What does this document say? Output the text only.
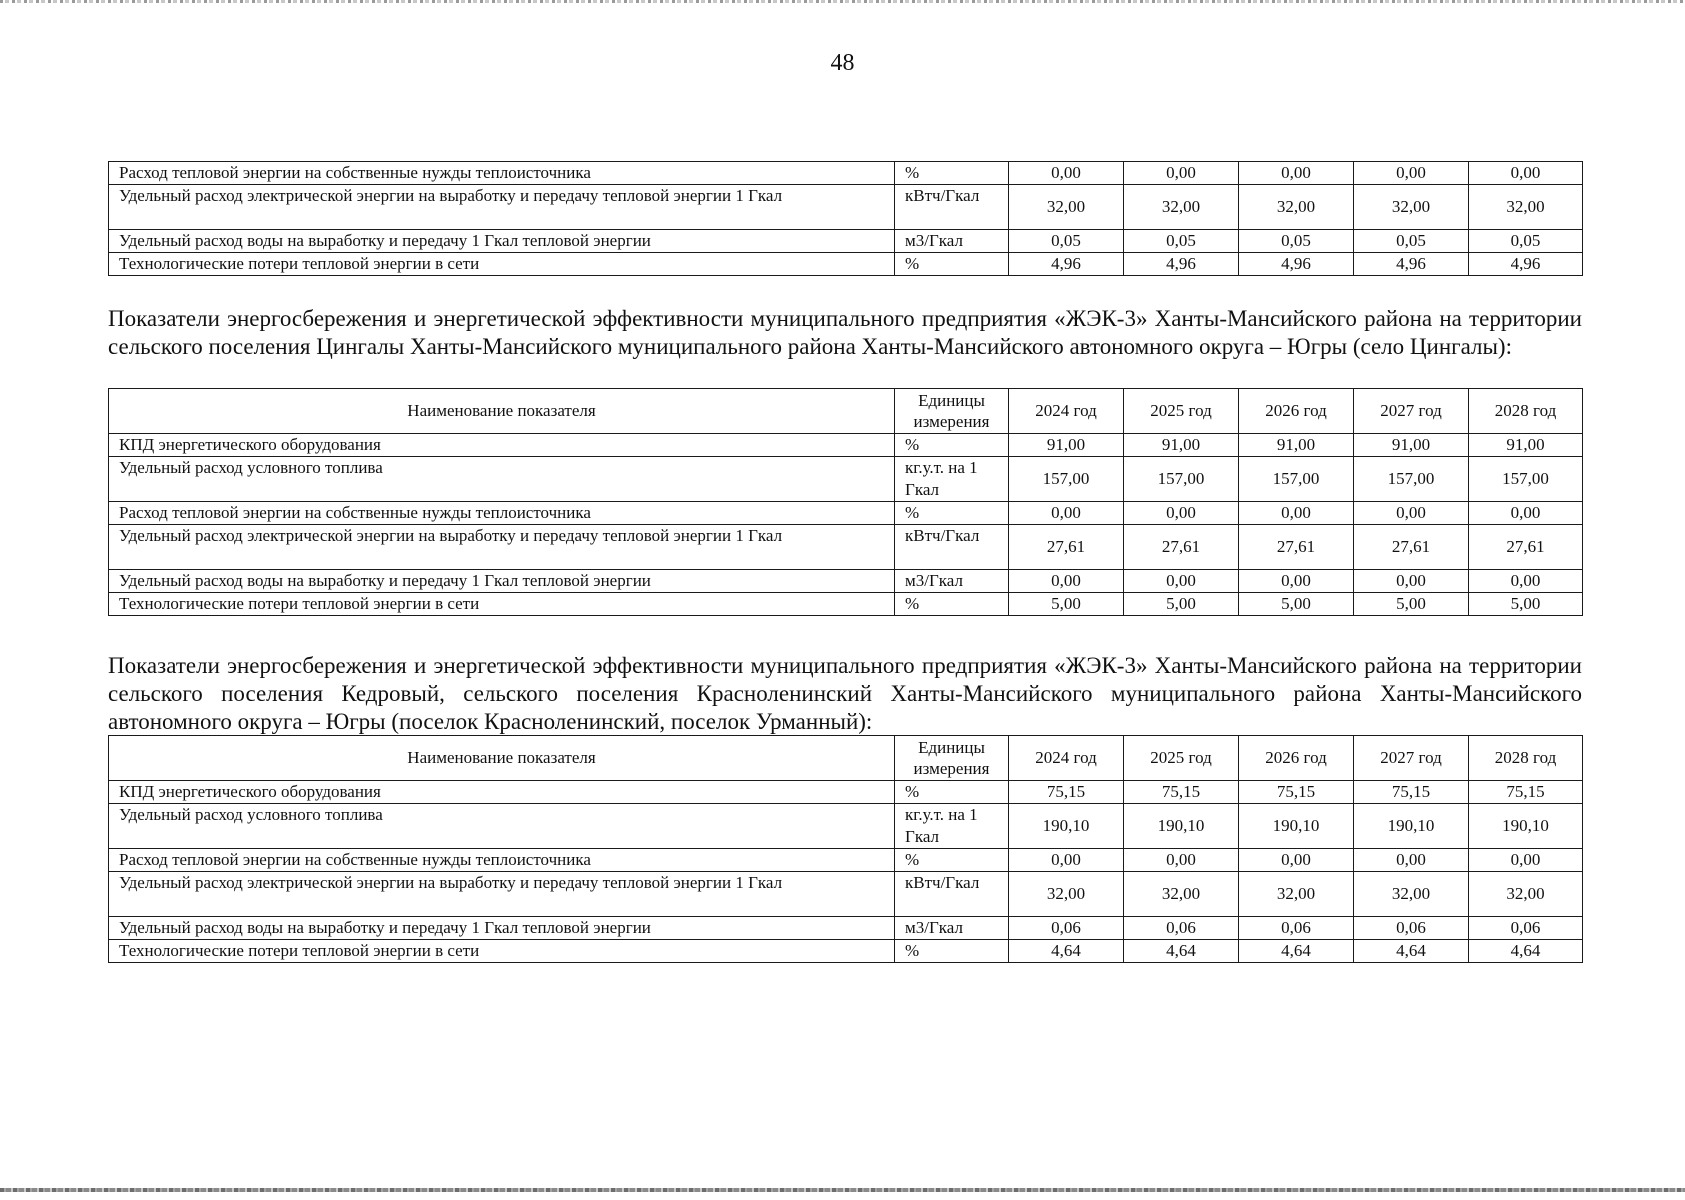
48
Расход тепловой энергии на собственные нужды теплоисточника	%	0,00	0,00	0,00	0,00	0,00
Удельный расход электрической энергии на выработку и передачу тепловой энергии 1 Гкал	кВтч/Гкал	32,00	32,00	32,00	32,00	32,00
Удельный расход воды на выработку и передачу 1 Гкал тепловой энергии	м3/Гкал	0,05	0,05	0,05	0,05	0,05
Технологические потери тепловой энергии в сети	%	4,96	4,96	4,96	4,96	4,96
Показатели энергосбережения и энергетической эффективности муниципального предприятия «ЖЭК-3» Ханты-Мансийского района на территории сельского поселения Цингалы Ханты-Мансийского муниципального района Ханты-Мансийского автономного округа – Югры (село Цингалы):
Наименование показателя	Единицы измерения	2024 год	2025 год	2026 год	2027 год	2028 год
КПД энергетического оборудования	%	91,00	91,00	91,00	91,00	91,00
Удельный расход условного топлива	кг.у.т. на 1 Гкал	157,00	157,00	157,00	157,00	157,00
Расход тепловой энергии на собственные нужды теплоисточника	%	0,00	0,00	0,00	0,00	0,00
Удельный расход электрической энергии на выработку и передачу тепловой энергии 1 Гкал	кВтч/Гкал	27,61	27,61	27,61	27,61	27,61
Удельный расход воды на выработку и передачу 1 Гкал тепловой энергии	м3/Гкал	0,00	0,00	0,00	0,00	0,00
Технологические потери тепловой энергии в сети	%	5,00	5,00	5,00	5,00	5,00
Показатели энергосбережения и энергетической эффективности муниципального предприятия «ЖЭК-3» Ханты-Мансийского района на территории сельского поселения Кедровый, сельского поселения Красноленинский Ханты-Мансийского муниципального района Ханты-Мансийского автономного округа – Югры (поселок Красноленинский, поселок Урманный):
Наименование показателя	Единицы измерения	2024 год	2025 год	2026 год	2027 год	2028 год
КПД энергетического оборудования	%	75,15	75,15	75,15	75,15	75,15
Удельный расход условного топлива	кг.у.т. на 1 Гкал	190,10	190,10	190,10	190,10	190,10
Расход тепловой энергии на собственные нужды теплоисточника	%	0,00	0,00	0,00	0,00	0,00
Удельный расход электрической энергии на выработку и передачу тепловой энергии 1 Гкал	кВтч/Гкал	32,00	32,00	32,00	32,00	32,00
Удельный расход воды на выработку и передачу 1 Гкал тепловой энергии	м3/Гкал	0,06	0,06	0,06	0,06	0,06
Технологические потери тепловой энергии в сети	%	4,64	4,64	4,64	4,64	4,64
